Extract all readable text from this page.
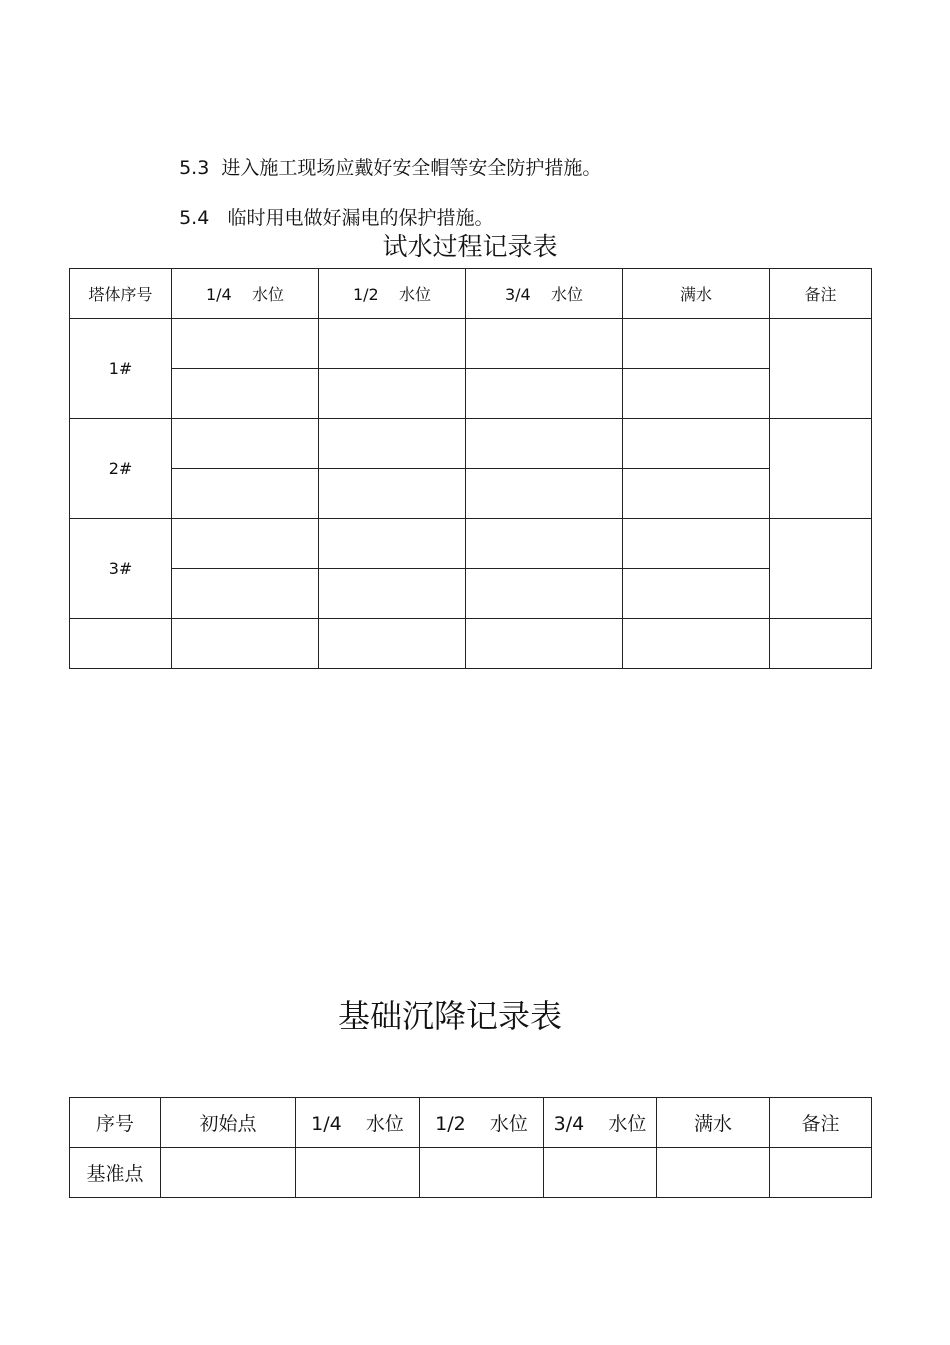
5.3 进入施工现场应戴好安全帽等安全防护措施。

5.4 临时用电做好漏电的保护措施。

试水过程记录表
塔体序号	1/4    水位	1/2    水位	3/4    水位	满水	备注
1#					

2#					

3#					

基础沉降记录表
序号	初始点	1/4    水位	1/2    水位	3/4    水位	满水	备注
基准点						
